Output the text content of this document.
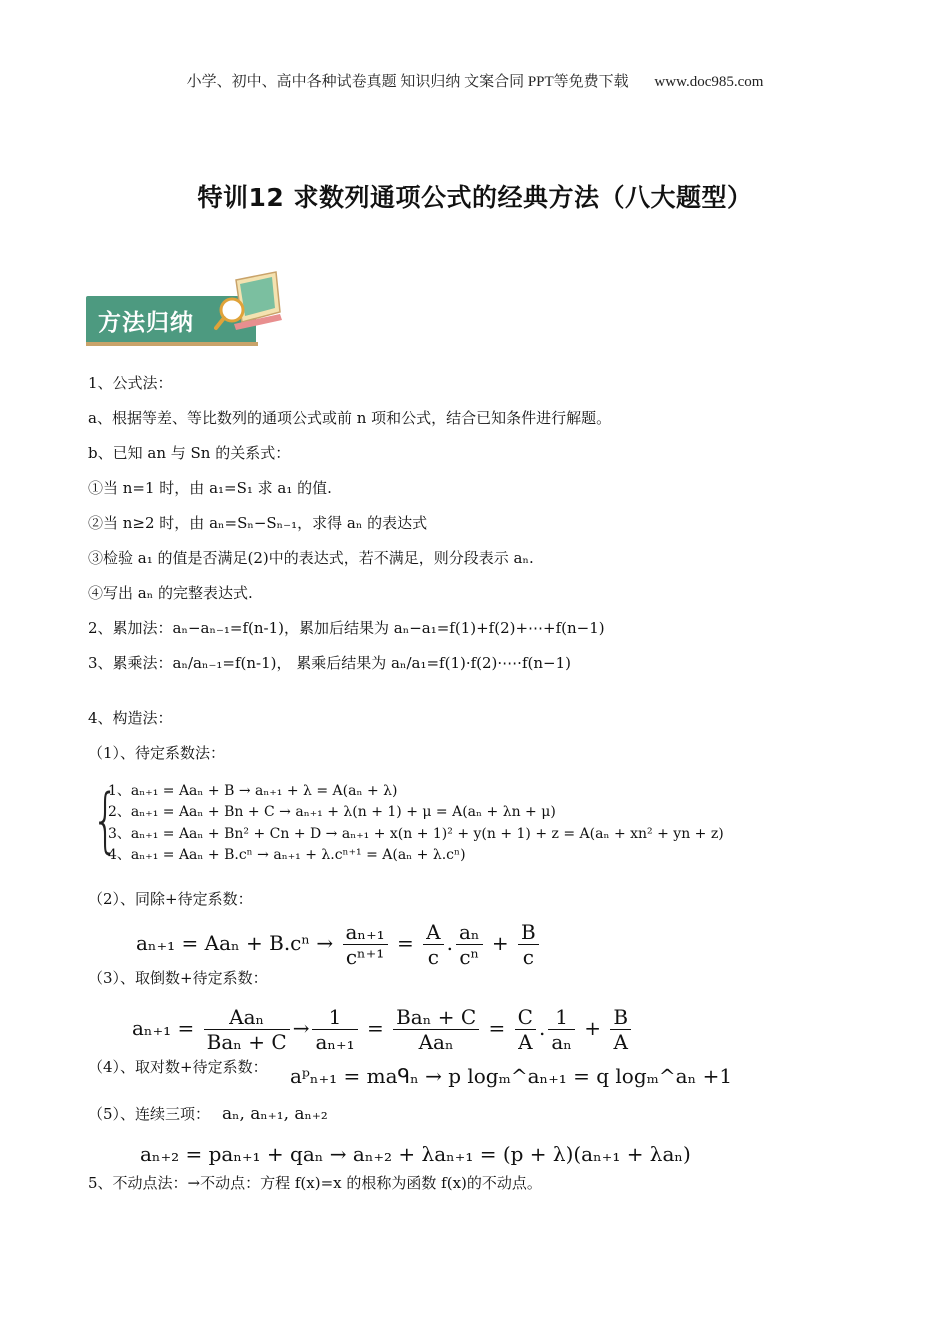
小学、初中、高中各种试卷真题 知识归纳 文案合同 PPT等免费下载 www.doc985.com
特训12 求数列通项公式的经典方法（八大题型）
方法归纳
1、公式法：
a、根据等差、等比数列的通项公式或前 n 项和公式，结合已知条件进行解题。
b、已知 an 与 Sn 的关系式：
①当 n=1 时，由 a₁=S₁ 求 a₁ 的值.
②当 n≥2 时，由 aₙ=Sₙ−Sₙ₋₁，求得 aₙ 的表达式
③检验 a₁ 的值是否满足(2)中的表达式，若不满足，则分段表示 aₙ.
④写出 aₙ 的完整表达式.
2、累加法：aₙ−aₙ₋₁=f(n-1)，累加后结果为 aₙ−a₁=f(1)+f(2)+⋯+f(n−1)
3、累乘法：aₙ/aₙ₋₁=f(n-1)， 累乘后结果为 aₙ/a₁=f(1)·f(2)·⋯·f(n−1)
4、构造法：
（1）、待定系数法：
{
1、aₙ₊₁ = Aaₙ + B → aₙ₊₁ + λ = A(aₙ + λ)
2、aₙ₊₁ = Aaₙ + Bn + C → aₙ₊₁ + λ(n + 1) + μ = A(aₙ + λn + μ)
3、aₙ₊₁ = Aaₙ + Bn² + Cn + D → aₙ₊₁ + x(n + 1)² + y(n + 1) + z = A(aₙ + xn² + yn + z)
4、aₙ₊₁ = Aaₙ + B.cⁿ → aₙ₊₁ + λ.cⁿ⁺¹ = A(aₙ + λ.cⁿ)
（2）、同除+待定系数：
$a_{n+1} = Aa_n + B.c^n \to \frac{\text{aₙ₊₁}}{\text{cⁿ⁺¹}} = \frac{A}{c}$ . $\frac{\text{aₙ}}{\text{cⁿ}} + \frac{B}{c}$
（3）、取倒数+待定系数：
$a_{n+1} = \frac{\text{Aaₙ}}{\text{Baₙ + C}} \to \frac{1}{\text{aₙ₊₁}} = \frac{\text{Baₙ + C}}{\text{Aaₙ}} = \frac{C}{A}$ . $\frac{1}{\text{aₙ}} + \frac{B}{A}$
（4）、取对数+待定系数： aᵖₙ₊₁ = maᑫₙ → p logₘ^aₙ₊₁ = q logₘ^aₙ +1
（5）、连续三项： aₙ, aₙ₊₁, aₙ₊₂
aₙ₊₂ = paₙ₊₁ + qaₙ → aₙ₊₂ + λaₙ₊₁ = (p + λ)(aₙ₊₁ + λaₙ)
5、不动点法：→不动点：方程 f(x)=x 的根称为函数 f(x)的不动点。
